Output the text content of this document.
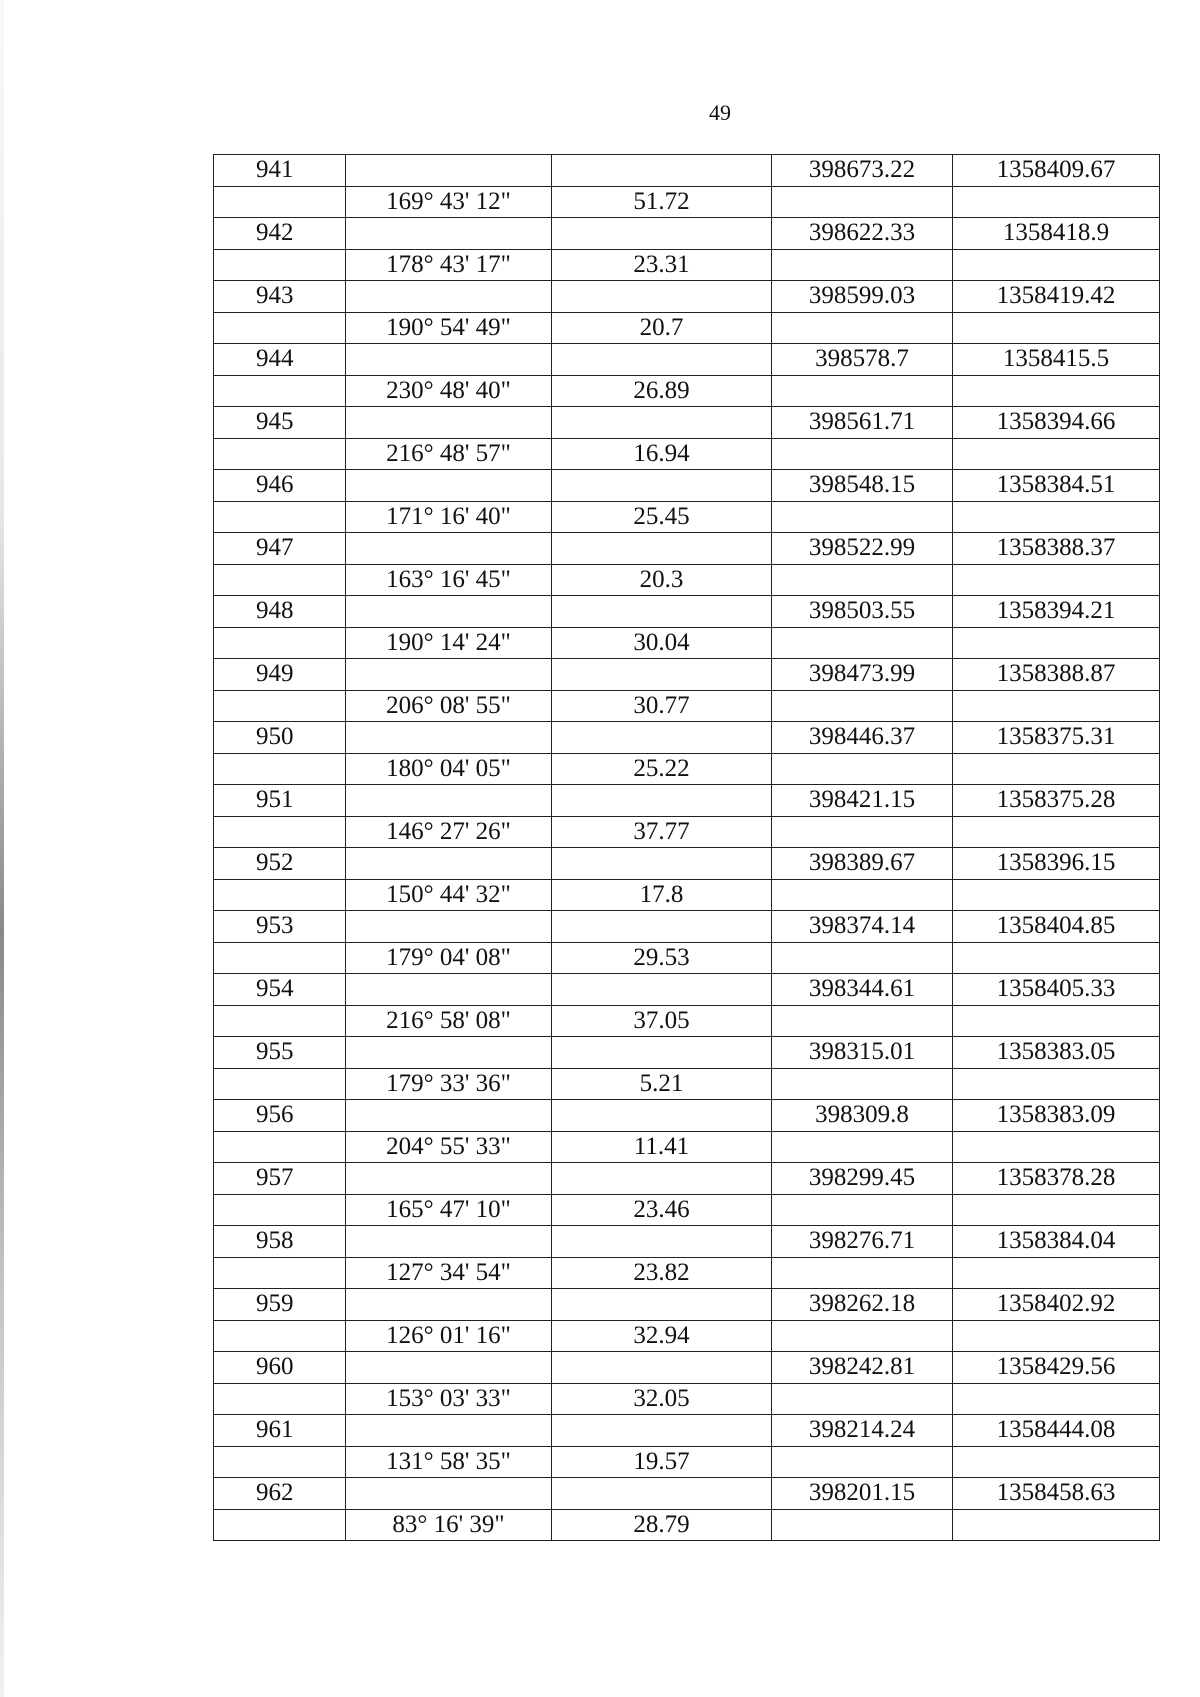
49
941			398673.22	1358409.67
	169° 43' 12"	51.72		
942			398622.33	1358418.9
	178° 43' 17"	23.31		
943			398599.03	1358419.42
	190° 54' 49"	20.7		
944			398578.7	1358415.5
	230° 48' 40"	26.89		
945			398561.71	1358394.66
	216° 48' 57"	16.94		
946			398548.15	1358384.51
	171° 16' 40"	25.45		
947			398522.99	1358388.37
	163° 16' 45"	20.3		
948			398503.55	1358394.21
	190° 14' 24"	30.04		
949			398473.99	1358388.87
	206° 08' 55"	30.77		
950			398446.37	1358375.31
	180° 04' 05"	25.22		
951			398421.15	1358375.28
	146° 27' 26"	37.77		
952			398389.67	1358396.15
	150° 44' 32"	17.8		
953			398374.14	1358404.85
	179° 04' 08"	29.53		
954			398344.61	1358405.33
	216° 58' 08"	37.05		
955			398315.01	1358383.05
	179° 33' 36"	5.21		
956			398309.8	1358383.09
	204° 55' 33"	11.41		
957			398299.45	1358378.28
	165° 47' 10"	23.46		
958			398276.71	1358384.04
	127° 34' 54"	23.82		
959			398262.18	1358402.92
	126° 01' 16"	32.94		
960			398242.81	1358429.56
	153° 03' 33"	32.05		
961			398214.24	1358444.08
	131° 58' 35"	19.57		
962			398201.15	1358458.63
	83° 16' 39"	28.79		
